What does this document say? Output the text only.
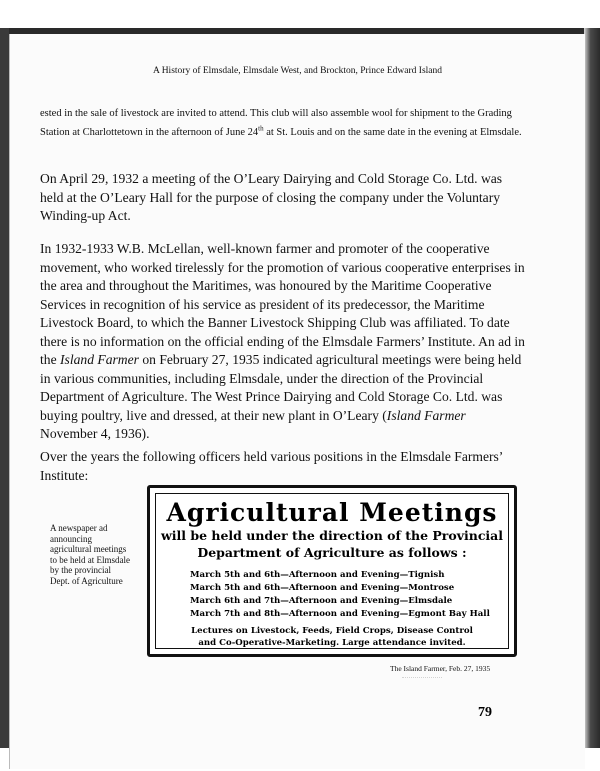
A History of Elmsdale, Elmsdale West, and Brockton, Prince Edward Island

ested in the sale of livestock are invited to attend. This club will also assemble wool for shipment to the Grading Station at Charlottetown in the afternoon of June 24th at St. Louis and on the same date in the evening at Elmsdale.

On April 29, 1932 a meeting of the O’Leary Dairying and Cold Storage Co. Ltd. was held at the O’Leary Hall for the purpose of closing the company under the Voluntary Winding-up Act.

In 1932-1933 W.B. McLellan, well-known farmer and promoter of the cooperative movement, who worked tirelessly for the promotion of various cooperative enterprises in the area and throughout the Maritimes, was honoured by the Maritime Cooperative Services in recognition of his service as president of its predecessor, the Maritime Livestock Board, to which the Banner Livestock Shipping Club was affiliated. To date there is no information on the official ending of the Elmsdale Farmers’ Institute. An ad in the Island Farmer on February 27, 1935 indicated agricultural meetings were being held in various communities, including Elmsdale, under the direction of the Provincial Department of Agriculture. The West Prince Dairying and Cold Storage Co. Ltd. was buying poultry, live and dressed, at their new plant in O’Leary (Island Farmer November 4, 1936).

Over the years the following officers held various positions in the Elmsdale Farmers’ Institute:

A newspaper ad announcing agricultural meetings to be held at Elmsdale by the provincial Dept. of Agriculture
Agricultural Meetings
will be held under the direction of the Provincial
Department of Agriculture as follows :
March 5th and 6th—Afternoon and Evening—Tignish
March 5th and 6th—Afternoon and Evening—Montrose
March 6th and 7th—Afternoon and Evening—Elmsdale
March 7th and 8th—Afternoon and Evening—Egmont Bay Hall
Lectures on Livestock, Feeds, Field Crops, Disease Control
and Co-Operative-Marketing. Large attendance invited.
The Island Farmer, Feb. 27, 1935
79
